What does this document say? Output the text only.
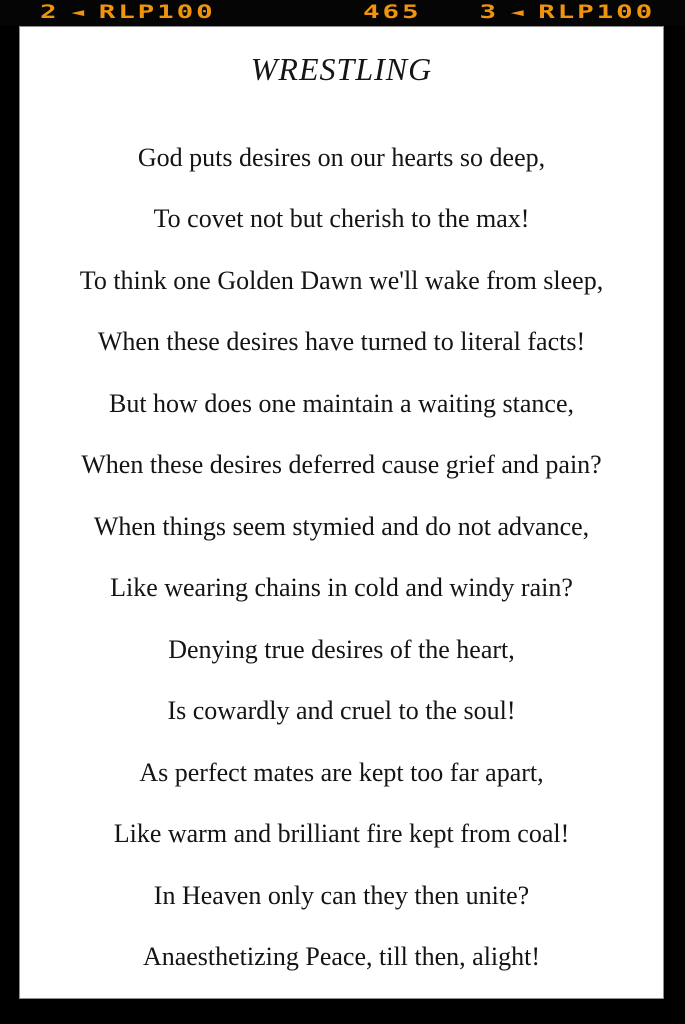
2 ◄ RLP100	465	3 ◄ RLP100
WRESTLING
God puts desires on our hearts so deep,
To covet not but cherish to the max!
To think one Golden Dawn we'll wake from sleep,
When these desires have turned to literal facts!
But how does one maintain a waiting stance,
When these desires deferred cause grief and pain?
When things seem stymied and do not advance,
Like wearing chains in cold and windy rain?
Denying true desires of the heart,
Is cowardly and cruel to the soul!
As perfect mates are kept too far apart,
Like warm and brilliant fire kept from coal!
In Heaven only can they then unite?
Anaesthetizing Peace, till then, alight!
